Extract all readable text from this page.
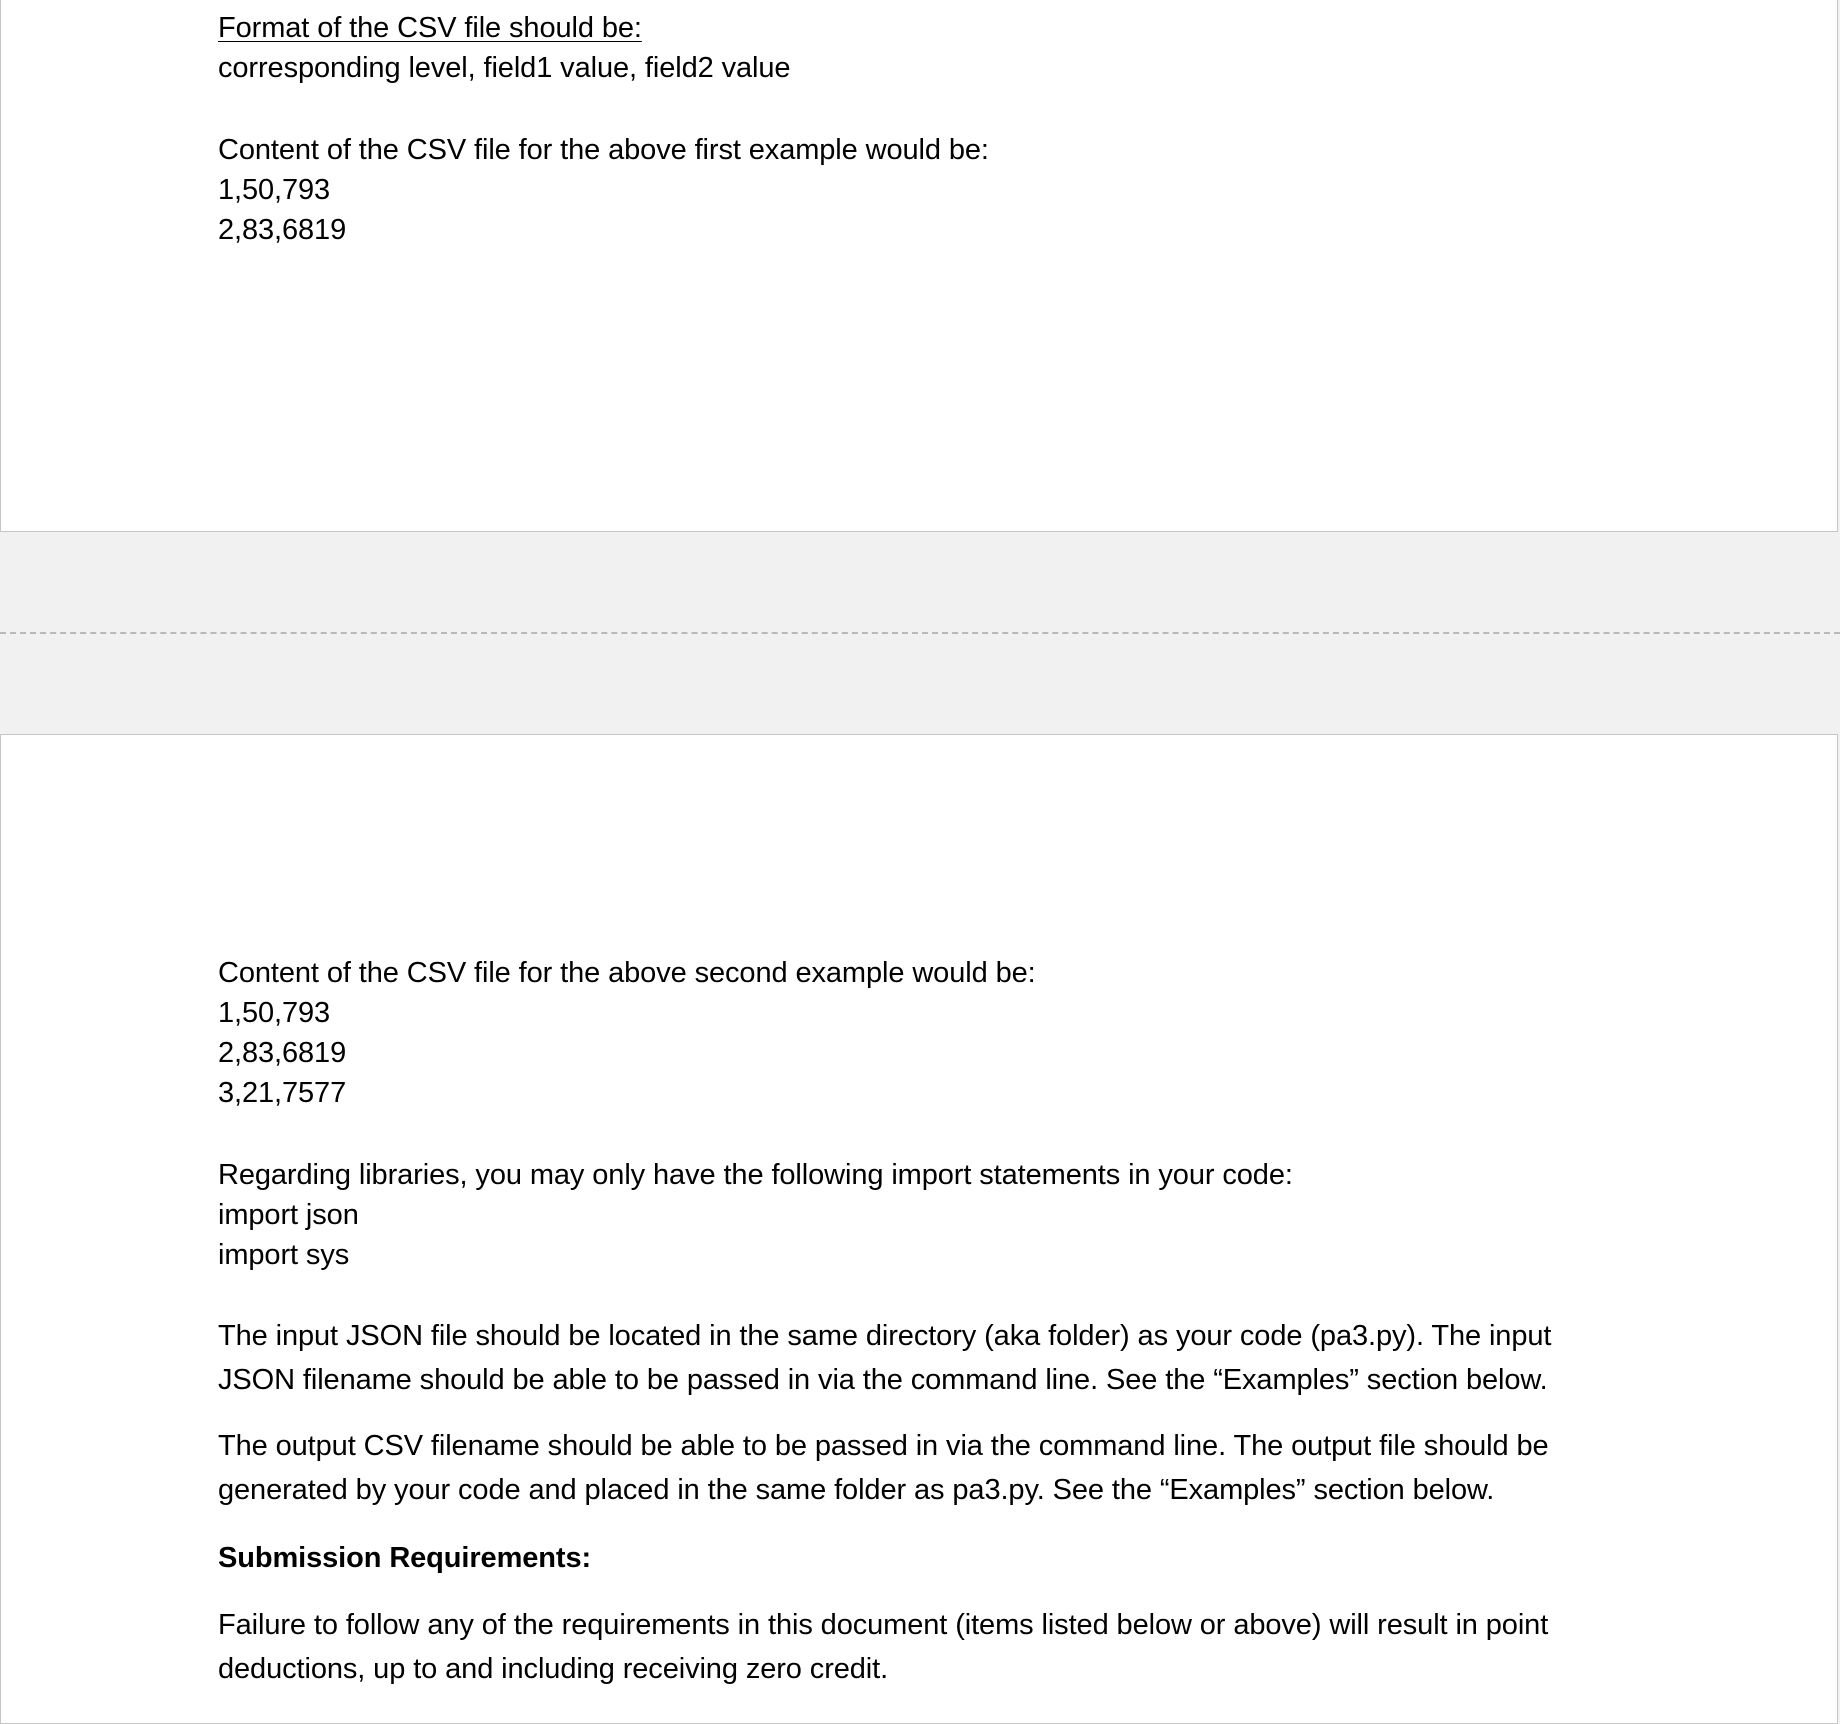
Format of the CSV file should be:

corresponding level, field1 value, field2 value

Content of the CSV file for the above first example would be:

1,50,793

2,83,6819

Content of the CSV file for the above second example would be:

1,50,793

2,83,6819

3,21,7577

Regarding libraries, you may only have the following import statements in your code:

import json

import sys

The input JSON file should be located in the same directory (aka folder) as your code (pa3.py). The input JSON filename should be able to be passed in via the command line. See the “Examples” section below.

The output CSV filename should be able to be passed in via the command line. The output file should be generated by your code and placed in the same folder as pa3.py. See the “Examples” section below.

Submission Requirements:

Failure to follow any of the requirements in this document (items listed below or above) will result in point deductions, up to and including receiving zero credit.
